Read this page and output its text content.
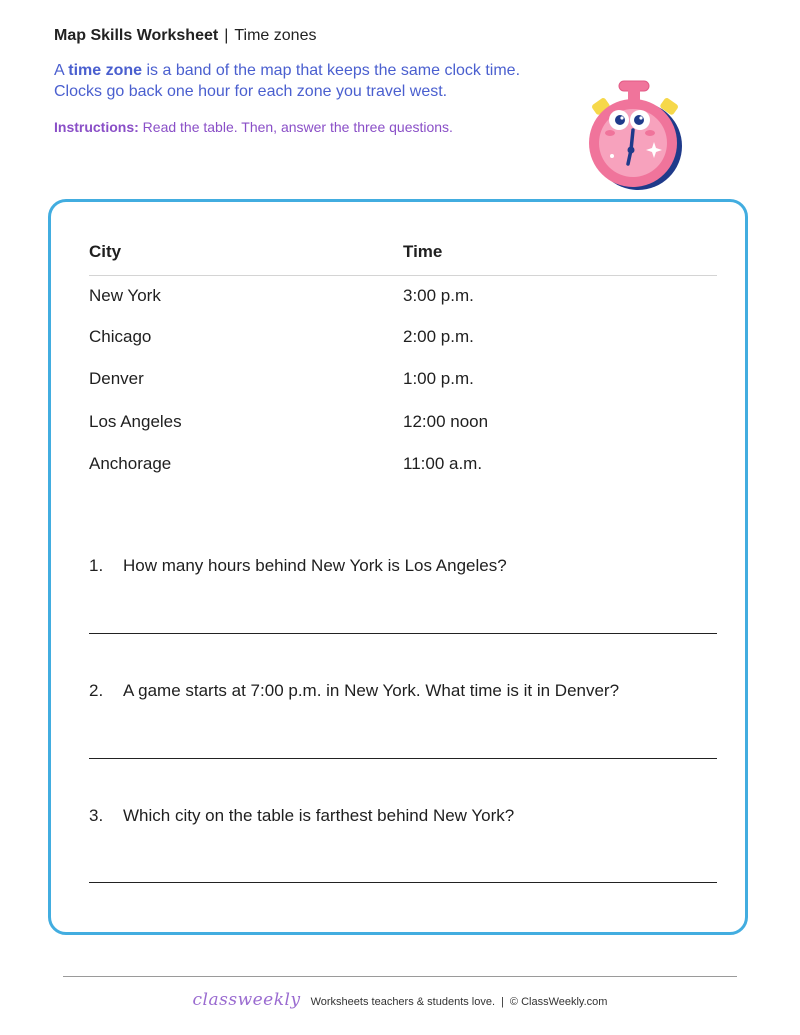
Map Skills Worksheet | Time zones
A time zone is a band of the map that keeps the same clock time.
Clocks go back one hour for each zone you travel west.
Instructions: Read the table. Then, answer the three questions.
City	Time
New York	3:00 p.m.
Chicago	2:00 p.m.
Denver	1:00 p.m.
Los Angeles	12:00 noon
Anchorage	11:00 a.m.
1. How many hours behind New York is Los Angeles?
2. A game starts at 7:00 p.m. in New York. What time is it in Denver?
3. Which city on the table is farthest behind New York?
classweekly Worksheets teachers & students love. | © ClassWeekly.com
